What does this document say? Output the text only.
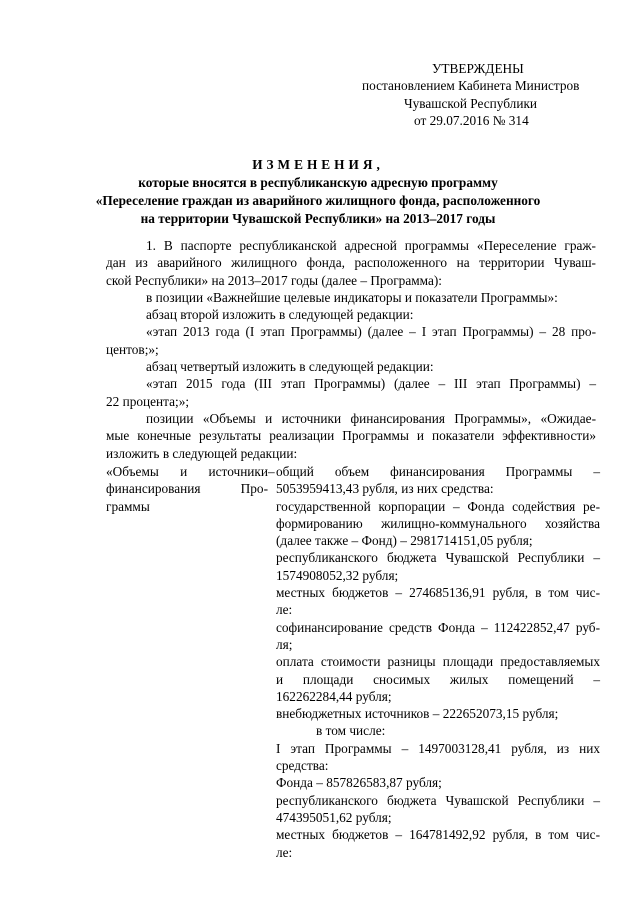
УТВЕРЖДЕНЫ
постановлением Кабинета Министров
Чувашской Республики
от 29.07.2016 № 314
ИЗМЕНЕНИЯ,
которые вносятся в республиканскую адресную программу
«Переселение граждан из аварийного жилищного фонда, расположенного
на территории Чувашской Республики» на 2013–2017 годы
1. В паспорте республиканской адресной программы «Переселение граж-
дан из аварийного жилищного фонда, расположенного на территории Чуваш-
ской Республики» на 2013–2017 годы (далее – Программа):
в позиции «Важнейшие целевые индикаторы и показатели Программы»:
абзац второй изложить в следующей редакции:
«этап 2013 года (I этап Программы) (далее – I этап Программы) – 28 про-
центов;»;
абзац четвертый изложить в следующей редакции:
«этап 2015 года (III этап Программы) (далее – III этап Программы) –
22 процента;»;
позиции «Объемы и источники финансирования Программы», «Ожидае-
мые конечные результаты реализации Программы и показатели эффективности»
изложить в следующей редакции:
«Объемы и источники
финансирования Про-
граммы
– общий объем финансирования Программы –
5053959413,43 рубля, из них средства:
государственной корпорации – Фонда содействия ре-
формированию жилищно-коммунального хозяйства
(далее также – Фонд) – 2981714151,05 рубля;
республиканского бюджета Чувашской Республики –
1574908052,32 рубля;
местных бюджетов – 274685136,91 рубля, в том чис-
ле:
софинансирование средств Фонда – 112422852,47 руб-
ля;
оплата стоимости разницы площади предоставляемых
и площади сносимых жилых помещений –
162262284,44 рубля;
внебюджетных источников – 222652073,15 рубля;
в том числе:
I этап Программы – 1497003128,41 рубля, из них
средства:
Фонда – 857826583,87 рубля;
республиканского бюджета Чувашской Республики –
474395051,62 рубля;
местных бюджетов – 164781492,92 рубля, в том чис-
ле:
